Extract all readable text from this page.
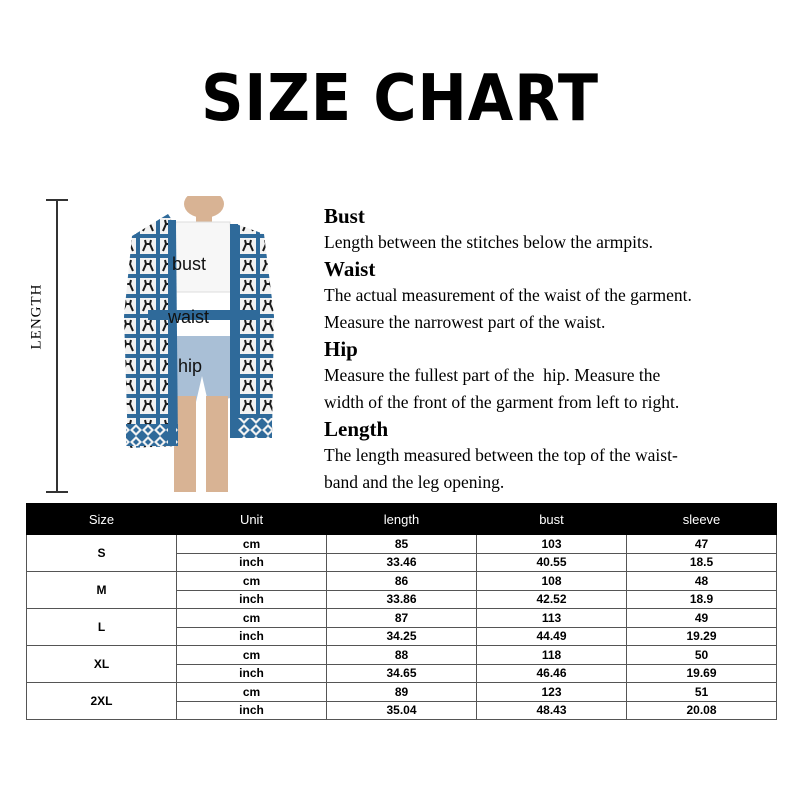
SIZE CHART
LENGTH
bust
waist
hip
Bust
Length between the stitches below the armpits.
Waist
The actual measurement of the waist of the garment.
Measure the narrowest part of the waist.
Hip
Measure the fullest part of the  hip. Measure the
width of the front of the garment from left to right.
Length
The length measured between the top of the waist-
band and the leg opening.
Size	Unit	length	bust	sleeve
S	cm	85	103	47
	inch	33.46	40.55	18.5
M	cm	86	108	48
	inch	33.86	42.52	18.9
L	cm	87	113	49
	inch	34.25	44.49	19.29
XL	cm	88	118	50
	inch	34.65	46.46	19.69
2XL	cm	89	123	51
	inch	35.04	48.43	20.08
